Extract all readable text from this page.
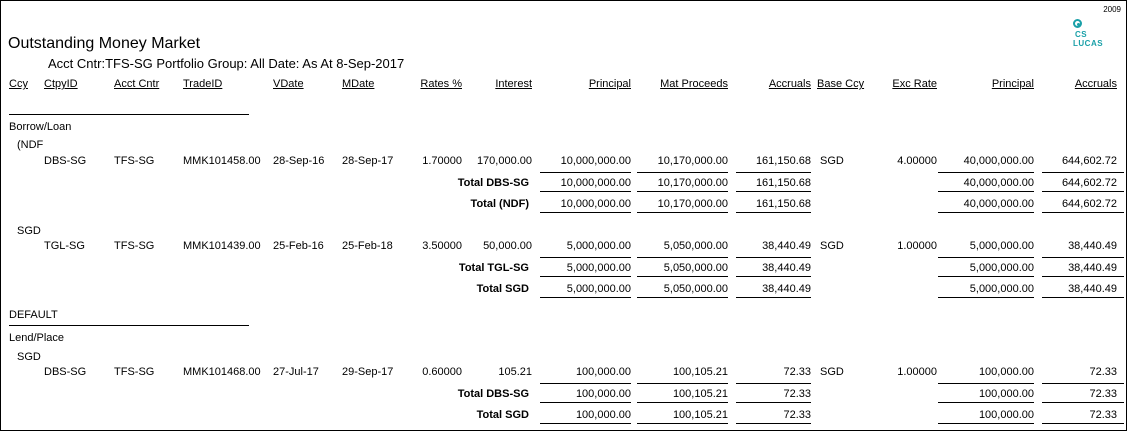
2009
CS
LUCAS
Outstanding Money Market
Acct Cntr:TFS-SG Portfolio Group: All Date: As At 8-Sep-2017
Ccy CtpyID	Acct Cntr TradeID	VDate	MDate	Rates %	Interest	Principal	Mat Proceeds	Accruals Base Ccy	Exc Rate	Principal	Accruals
Borrow/Loan
(NDF
DBS-SG	TFS-SG	MMK101458.00 28-Sep-16 28-Sep-17	1.70000 170,000.00	10,000,000.00 10,170,000.00	161,150.68 SGD	4.00000 40,000,000.00	644,602.72
Total DBS-SG	10,000,000.00 10,170,000.00	161,150.68	40,000,000.00	644,602.72
Total (NDF)	10,000,000.00 10,170,000.00	161,150.68	40,000,000.00	644,602.72
SGD
TGL-SG	TFS-SG	MMK101439.00 25-Feb-16 25-Feb-18	3.50000 50,000.00	5,000,000.00	5,050,000.00	38,440.49 SGD	1.00000	5,000,000.00	38,440.49
Total TGL-SG	5,000,000.00	5,050,000.00	38,440.49	5,000,000.00	38,440.49
Total SGD	5,000,000.00	5,050,000.00	38,440.49	5,000,000.00	38,440.49
DEFAULT
Lend/Place
SGD
DBS-SG	TFS-SG	MMK101468.00 27-Jul-17 29-Sep-17	0.60000	105.21	100,000.00	100,105.21	72.33 SGD	1.00000	100,000.00	72.33
Total DBS-SG	100,000.00	100,105.21	72.33	100,000.00	72.33
Total SGD	100,000.00	100,105.21	72.33	100,000.00	72.33
